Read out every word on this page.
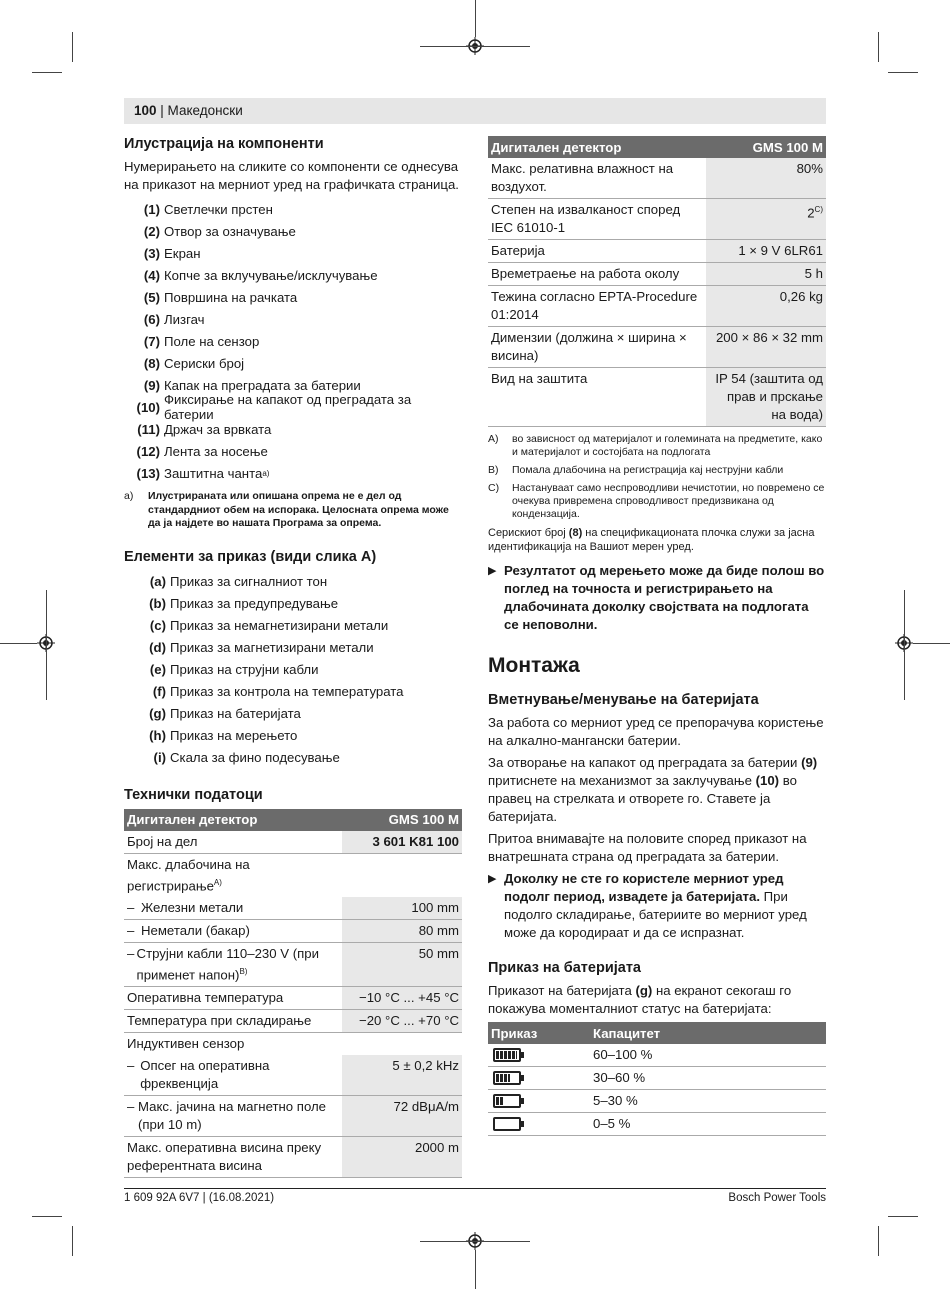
100 | Македонски
Илустрација на компоненти

Нумерирањето на сликите со компоненти се однесува на приказот на мерниот уред на графичката страница.

(1) Светлечки прстен
(2) Отвор за означување
(3) Екран
(4) Копче за вклучување/исклучување
(5) Површина на рачката
(6) Лизгач
(7) Поле на сензор
(8) Сериски број
(9) Капак на преградата за батерии
(10) Фиксирање на капакот од преградата за батерии
(11) Држач за врвката
(12) Лента за носење
(13) Заштитна чанта a)
a)	Илустрираната или опишана опрема не е дел од стандардниот обем на испорака. Целосната опрема може да ја најдете во нашата Програма за опрема.
Елементи за приказ (види слика A)
(a) Приказ за сигналниот тон
(b) Приказ за предупредување
(c) Приказ за немагнетизирани метали
(d) Приказ за магнетизирани метали
(e) Приказ на струјни кабли
(f) Приказ за контрола на температурата
(g) Приказ на батеријата
(h) Приказ на мерењето
(i) Скала за фино подесување
Технички податоци
Дигитален детектор	GMS 100 M
Број на дел	3 601 K81 100
Макс. длабочина на регистрирање$^{A)}$	

– Железни метали	100 mm

– Неметали (бакар)	80 mm

– Струјни кабли 110–230 V (при применет напон)$^{B)}$	50 mm
Оперативна температура	−10 °C ... +45 °C
Температура при складирање	−20 °C ... +70 °C
Индуктивен сензор	

– Опсег на оперативна фреквенција	5 ± 0,2 kHz

– Макс. јачина на магнетно поле (при 10 m)	72 dBμA/m
Макс. оперативна висина преку референтната висина	2000 m
Дигитален детектор	GMS 100 M
Макс. релативна влажност на воздухот.	80%
Степен на извалканост според IEC 61010-1	$2^{C)}$
Батерија	1 × 9 V 6LR61
Времетраење на работа околу	5 h
Тежина согласно EPTA-Procedure 01:2014	0,26 kg
Димензии (должина × ширина × висина)	200 × 86 × 32 mm
Вид на заштита	IP 54 (заштита од прав и прскање на вода)
A)	во зависност од материјалот и големината на предметите, како и материјалот и состојбата на подлогата
B)	Помала длабочина на регистрација кај неструјни кабли
C)	Настануваат само неспроводливи нечистотии, но повремено се очекува привремена спроводливост предизвикана од кондензација.

Серискиот број (8) на спецификационата плочка служи за јасна идентификација на Вашиот мерен уред.

▶ Резултатот од мерењето може да биде полош во поглед на точноста и регистрирањето на длабочината доколку својствата на подлогата се неповолни.
Монтажа
Вметнување/менување на батеријата

За работа со мерниот уред се препорачува користење на алкално-мангански батерии.

За отворање на капакот од преградата за батерии (9) притиснете на механизмот за заклучување (10) во правец на стрелката и отворете го. Ставете ја батеријата.

Притоа внимавајте на половите според приказот на внатрешната страна од преградата за батерии.

▶ Доколку не сте го користеле мерниот уред подолг период, извадете ја батеријата. При подолго складирање, батериите во мерниот уред може да кородираат и да се испразнат.
Приказ на батеријата

Приказот на батеријата (g) на екранот секогаш го покажува моменталниот статус на батеријата:

Приказ	Капацитет

	60–100 %

	30–60 %

	5–30 %

	0–5 %
1 609 92A 6V7 | (16.08.2021)	Bosch Power Tools
